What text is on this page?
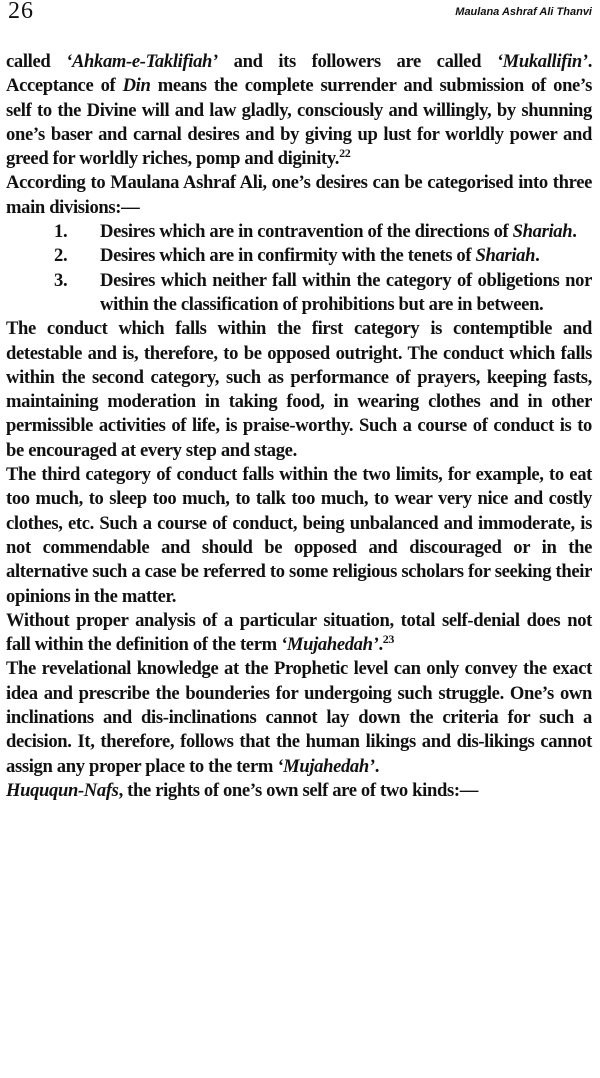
26	Maulana Ashraf Ali Thanvi

called ‘Ahkam-e-Taklifiah’ and its followers are called ‘Mukallifin’. Acceptance of Din means the complete surrender and submission of one’s self to the Divine will and law gladly, consciously and willingly, by shunning one’s baser and carnal desires and by giving up lust for worldly power and greed for worldly riches, pomp and diginity.$^{22}$

According to Maulana Ashraf Ali, one’s desires can be categorised into three main divisions:—

1. Desires which are in contravention of the directions of Shariah.
2. Desires which are in confirmity with the tenets of Shariah.
3. Desires which neither fall within the category of obligetions nor within the classification of prohibitions but are in between.

The conduct which falls within the first category is contemptible and detestable and is, therefore, to be opposed outright. The conduct which falls within the second category, such as performance of prayers, keeping fasts, maintaining moderation in taking food, in wearing clothes and in other permissible activities of life, is praise-worthy. Such a course of conduct is to be encouraged at every step and stage.

The third category of conduct falls within the two limits, for example, to eat too much, to sleep too much, to talk too much, to wear very nice and costly clothes, etc. Such a course of conduct, being unbalanced and immoderate, is not commendable and should be opposed and discouraged or in the alternative such a case be referred to some religious scholars for seeking their opinions in the matter.

Without proper analysis of a particular situation, total self-denial does not fall within the definition of the term ‘Mujahedah’.$^{23}$

The revelational knowledge at the Prophetic level can only convey the exact idea and prescribe the bounderies for undergoing such struggle. One’s own inclinations and dis-inclinations cannot lay down the criteria for such a decision. It, therefore, follows that the human likings and dis-likings cannot assign any proper place to the term ‘Mujahedah’.

Huququn-Nafs, the rights of one’s own self are of two kinds:—
